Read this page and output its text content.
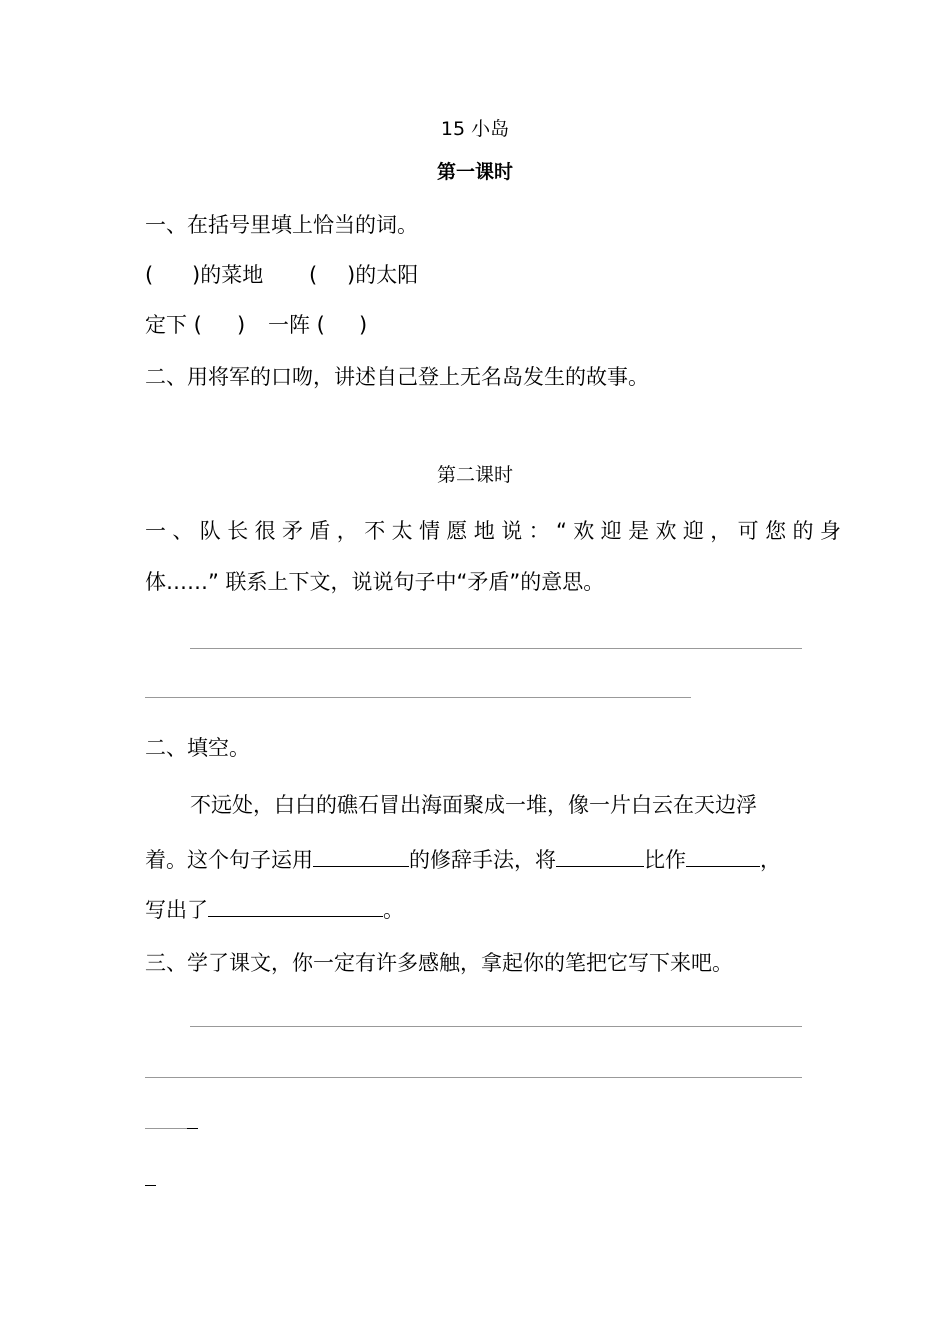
15 小岛
第一课时
一、在括号里填上恰当的词。
( )的菜地 ( )的太阳
定下 ( ) 一阵 ( )
二、用将军的口吻，讲述自己登上无名岛发生的故事。
第二课时
一、队长很矛盾，不太情愿地说：“欢迎是欢迎，可您的身
体……” 联系上下文，说说句子中“矛盾”的意思。
二、填空。
不远处，白白的礁石冒出海面聚成一堆，像一片白云在天边浮
着。这个句子运用	的修辞手法，将	比作	，
写出了	。
三、学了课文，你一定有许多感触，拿起你的笔把它写下来吧。
